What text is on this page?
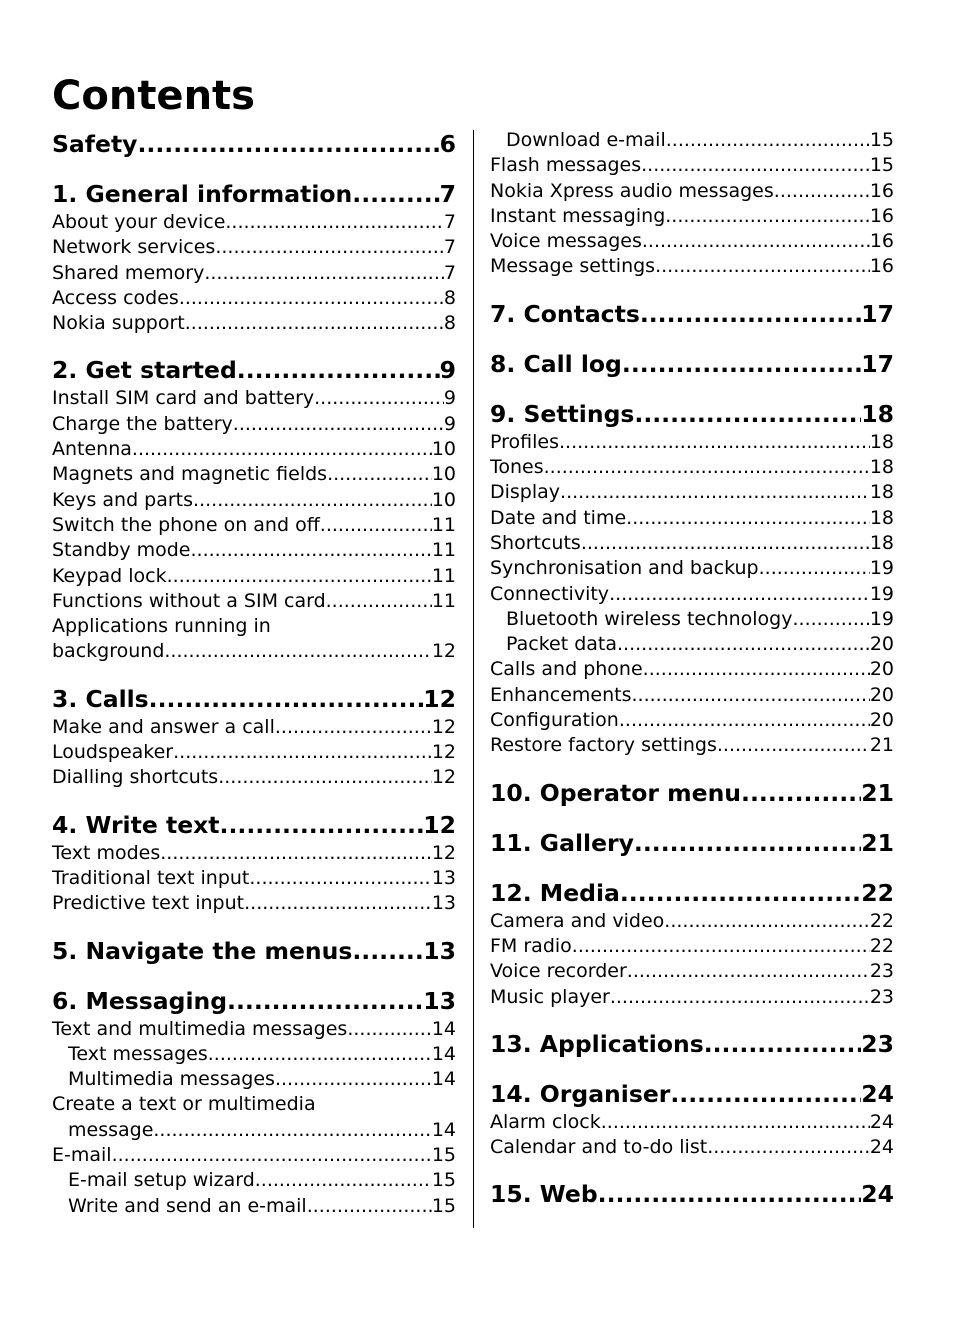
Contents
Safety .....	6
1. General information .....	7
About your device .....	7
Network services .....	7
Shared memory .....	7
Access codes .....	8
Nokia support .....	8
2. Get started .....	9
Install SIM card and battery .....	9
Charge the battery .....	9
Antenna .....	10
Magnets and magnetic fields .....	10
Keys and parts .....	10
Switch the phone on and off .....	11
Standby mode .....	11
Keypad lock .....	11
Functions without a SIM card .....	11
Applications running in
background .....	12
3. Calls .....	12
Make and answer a call .....	12
Loudspeaker .....	12
Dialling shortcuts .....	12
4. Write text .....	12
Text modes .....	12
Traditional text input .....	13
Predictive text input .....	13
5. Navigate the menus .....	13
6. Messaging .....	13
Text and multimedia messages .....	14
Text messages .....	14
Multimedia messages .....	14
Create a text or multimedia
message .....	14
E-mail .....	15
E-mail setup wizard .....	15
Write and send an e-mail .....	15
Download e-mail .....	15
Flash messages .....	15
Nokia Xpress audio messages .....	16
Instant messaging .....	16
Voice messages .....	16
Message settings .....	16
7. Contacts .....	17
8. Call log .....	17
9. Settings .....	18
Profiles .....	18
Tones .....	18
Display .....	18
Date and time .....	18
Shortcuts .....	18
Synchronisation and backup .....	19
Connectivity .....	19
Bluetooth wireless technology .....	19
Packet data .....	20
Calls and phone .....	20
Enhancements .....	20
Configuration .....	20
Restore factory settings .....	21
10. Operator menu .....	21
11. Gallery .....	21
12. Media .....	22
Camera and video .....	22
FM radio .....	22
Voice recorder .....	23
Music player .....	23
13. Applications .....	23
14. Organiser .....	24
Alarm clock .....	24
Calendar and to-do list .....	24
15. Web .....	24
